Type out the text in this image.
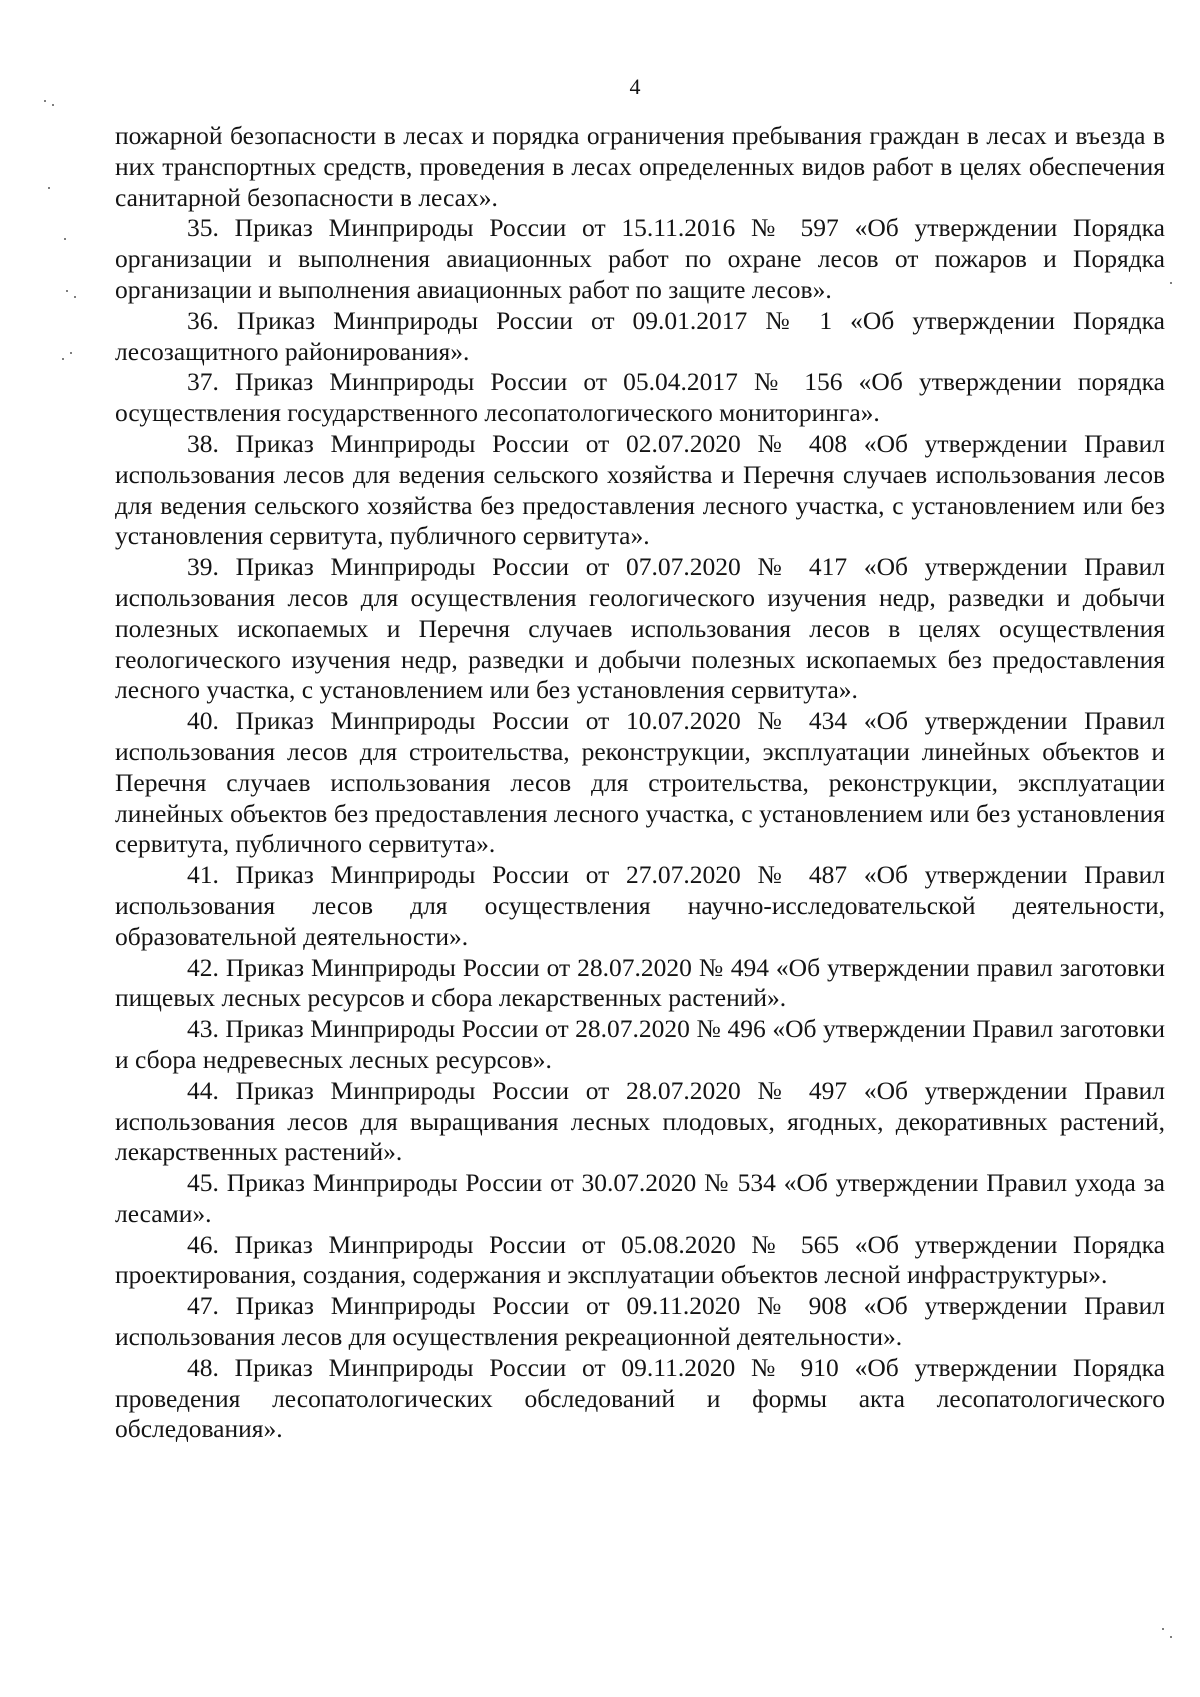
4

пожарной безопасности в лесах и порядка ограничения пребывания граждан в лесах и въезда в них транспортных средств, проведения в лесах определенных видов работ в целях обеспечения санитарной безопасности в лесах».

35. Приказ Минприроды России от 15.11.2016 № 597 «Об утверждении Порядка организации и выполнения авиационных работ по охране лесов от пожаров и Порядка организации и выполнения авиационных работ по защите лесов».

36. Приказ Минприроды России от 09.01.2017 № 1 «Об утверждении Порядка лесозащитного районирования».

37. Приказ Минприроды России от 05.04.2017 № 156 «Об утверждении порядка осуществления государственного лесопатологического мониторинга».

38. Приказ Минприроды России от 02.07.2020 № 408 «Об утверждении Правил использования лесов для ведения сельского хозяйства и Перечня случаев использования лесов для ведения сельского хозяйства без предоставления лесного участка, с установлением или без установления сервитута, публичного сервитута».

39. Приказ Минприроды России от 07.07.2020 № 417 «Об утверждении Правил использования лесов для осуществления геологического изучения недр, разведки и добычи полезных ископаемых и Перечня случаев использования лесов в целях осуществления геологического изучения недр, разведки и добычи полезных ископаемых без предоставления лесного участка, с установлением или без установления сервитута».

40. Приказ Минприроды России от 10.07.2020 № 434 «Об утверждении Правил использования лесов для строительства, реконструкции, эксплуатации линейных объектов и Перечня случаев использования лесов для строительства, реконструкции, эксплуатации линейных объектов без предоставления лесного участка, с установлением или без установления сервитута, публичного сервитута».

41. Приказ Минприроды России от 27.07.2020 № 487 «Об утверждении Правил использования лесов для осуществления научно-исследовательской деятельности, образовательной деятельности».

42. Приказ Минприроды России от 28.07.2020 № 494 «Об утверждении правил заготовки пищевых лесных ресурсов и сбора лекарственных растений».

43. Приказ Минприроды России от 28.07.2020 № 496 «Об утверждении Правил заготовки и сбора недревесных лесных ресурсов».

44. Приказ Минприроды России от 28.07.2020 № 497 «Об утверждении Правил использования лесов для выращивания лесных плодовых, ягодных, декоративных растений, лекарственных растений».

45. Приказ Минприроды России от 30.07.2020 № 534 «Об утверждении Правил ухода за лесами».

46. Приказ Минприроды России от 05.08.2020 № 565 «Об утверждении Порядка проектирования, создания, содержания и эксплуатации объектов лесной инфраструктуры».

47. Приказ Минприроды России от 09.11.2020 № 908 «Об утверждении Правил использования лесов для осуществления рекреационной деятельности».

48. Приказ Минприроды России от 09.11.2020 № 910 «Об утверждении Порядка проведения лесопатологических обследований и формы акта лесопатологического обследования».
